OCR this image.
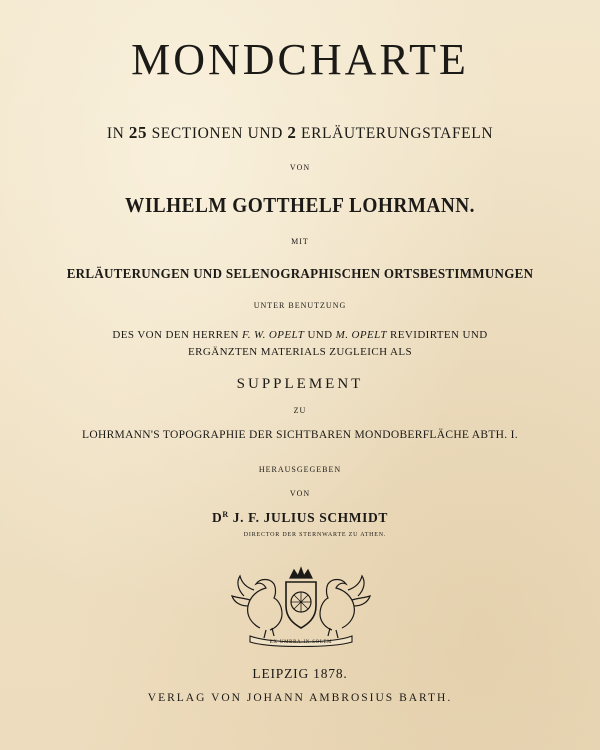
MONDCHARTE
IN 25 SECTIONEN UND 2 ERLÄUTERUNGSTAFELN
VON
WILHELM GOTTHELF LOHRMANN.
MIT
ERLÄUTERUNGEN UND SELENOGRAPHISCHEN ORTSBESTIMMUNGEN
UNTER BENUTZUNG
DES VON DEN HERREN F. W. OPELT UND M. OPELT REVIDIRTEN UND
ERGÄNZTEN MATERIALS ZUGLEICH ALS
SUPPLEMENT
ZU
LOHRMANN'S TOPOGRAPHIE DER SICHTBAREN MONDOBERFLÄCHE ABTH. I.
HERAUSGEGEBEN
VON
$D^R$ J. F. JULIUS SCHMIDT
DIRECTOR DER STERNWARTE ZU ATHEN.
EX·UMBRA·IN·SOLEM
LEIPZIG 1878.
VERLAG VON JOHANN AMBROSIUS BARTH.
